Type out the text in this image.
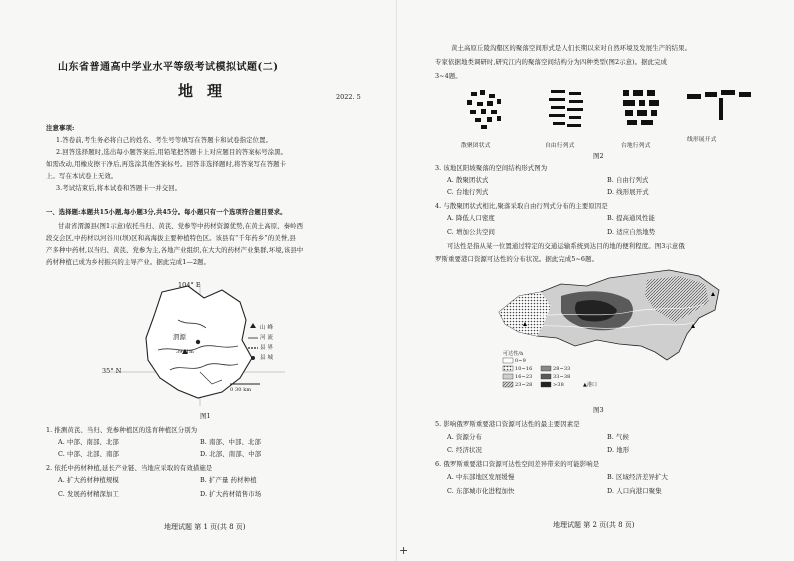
山东省普通高中学业水平等级考试模拟试题(二)
地理	2022. 5
注意事项:
1.答卷前,考生务必将自己的姓名、考生号等填写在答题卡和试卷指定位置。
2.回答选择题时,选出每小题答案后,用铅笔把答题卡上对应题目的答案标号涂黑。
如需改动,用橡皮擦干净后,再选涂其他答案标号。回答非选择题时,将答案写在答题卡
上。写在本试卷上无效。
3.考试结束后,将本试卷和答题卡一并交回。
一、选择题:本题共15小题,每小题3分,共45分。每小题只有一个选项符合题目要求。
甘肃省渭源县(图1示意)依托当归、黄芪、党参等中药材资源优势,在黄土高原、秦岭西
段交会区,中药材以河谷川(坝)区和高海拔主要种植特色区。该县有“千年药乡”的美誉,县
产多种中药材,以当归、黄芪、党参为主,各地产业组织,在大大的药材产业集群,坏境,该县中
药材种植已成为乡村振兴的主导产业。据此完成1—2题。
104° E
35° N
渭源
3941m
山 峰
河 流
县 界
县 城
0 30 km
图1
1. 推测黄芪、当归、党参种植区的选育种植区分别为
A. 中部、南部、北部	B. 南部、中部、北部
C. 中部、北部、南部	D. 北部、南部、中部
2. 依托中药材种植,延长产业链、当地应采取的有效措施是
A. 扩大药材种植规模	B. 扩产量 药材种植
C. 发展药材精深加工	D. 扩大药材销售市场
地理试题 第 1 页(共 8 页)
黄土高原丘陵沟壑区的聚落空间形式是人们长期以来对自然环境及发展生产的结果。
专家依据地类调研时,研究江内的聚落空间结构分为四种类型(图2示意)。据此完成
3~4题。
散聚团状式	自由行列式	台地行列式
线形展开式
图2
3. 该地区阳坡聚落的空间结构形式图为
A. 散聚团状式	B. 自由行列式
C. 台地行列式	D. 线形展开式
4. 与散聚团状式相比,聚落采取自由行列式分布的主要原因是
A. 降低人口密度	B. 提高通风性能
C. 增加公共空间	D. 适应自然地势
可达性是指从某一位置通过特定的交通运输系统到达目的地的便利程度。图3示意俄
罗斯重要港口资源可达性的分布状况。据此完成5~6题。
可达性/h
0~9
10~16
16~23
23~28
28~33
33~38
>38	▲港口
图3
5. 影响俄罗斯重要港口资源可达性的最主要因素是
A. 资源分布	B. 气候
C. 经济状况	D. 地形
6. 俄罗斯重要港口资源可达性空间差异带来的可能影响是
A. 中东部地区发展缓慢	B. 区域经济差异扩大
C. 东部城市化进程加快	D. 人口向港口聚集
地理试题 第 2 页(共 8 页)
+
